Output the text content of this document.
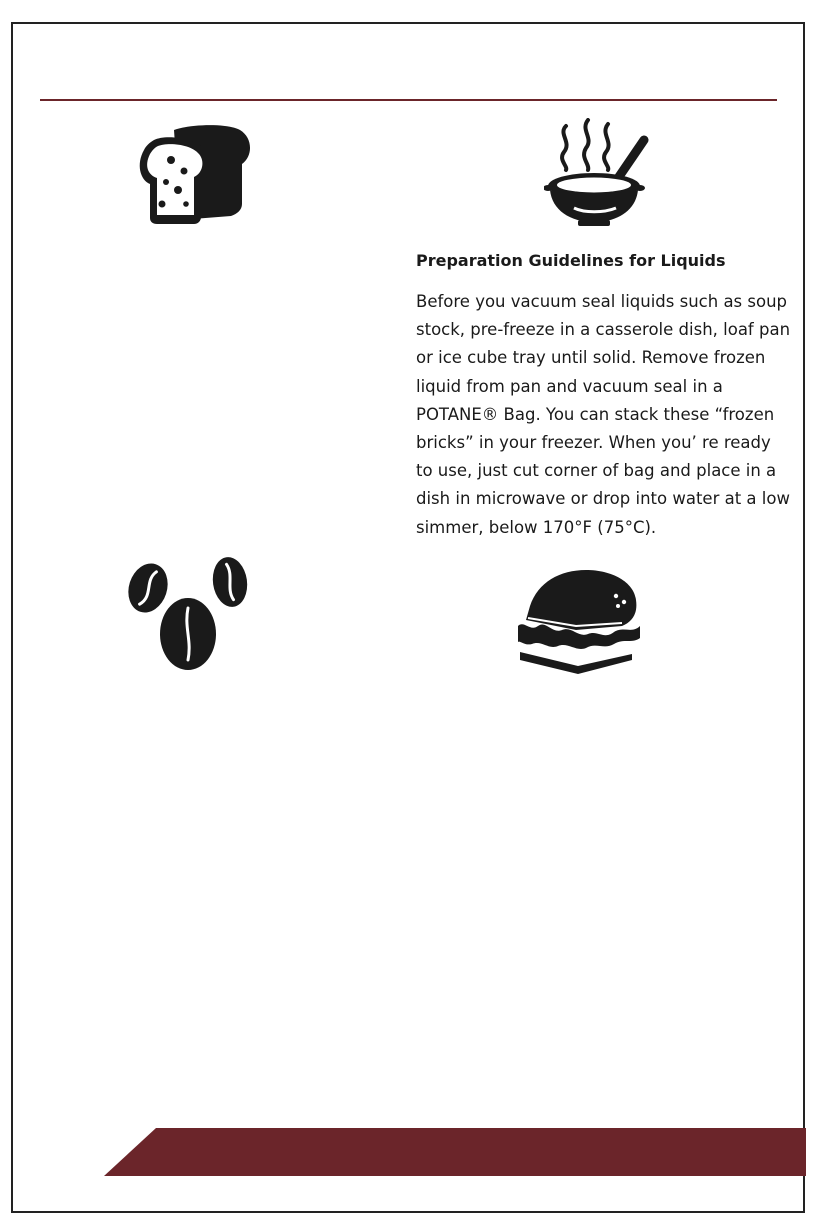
Preparation Guidelines for Liquids
Before you vacuum seal liquids such as soup
stock, pre-freeze in a casserole dish, loaf pan
or ice cube tray until solid. Remove frozen
liquid from pan and vacuum seal in a
POTANE® Bag. You can stack these “frozen
bricks” in your freezer. When you’ re ready
to use, just cut corner of bag and place in a
dish in microwave or drop into water at a low
simmer, below 170°F (75°C).
